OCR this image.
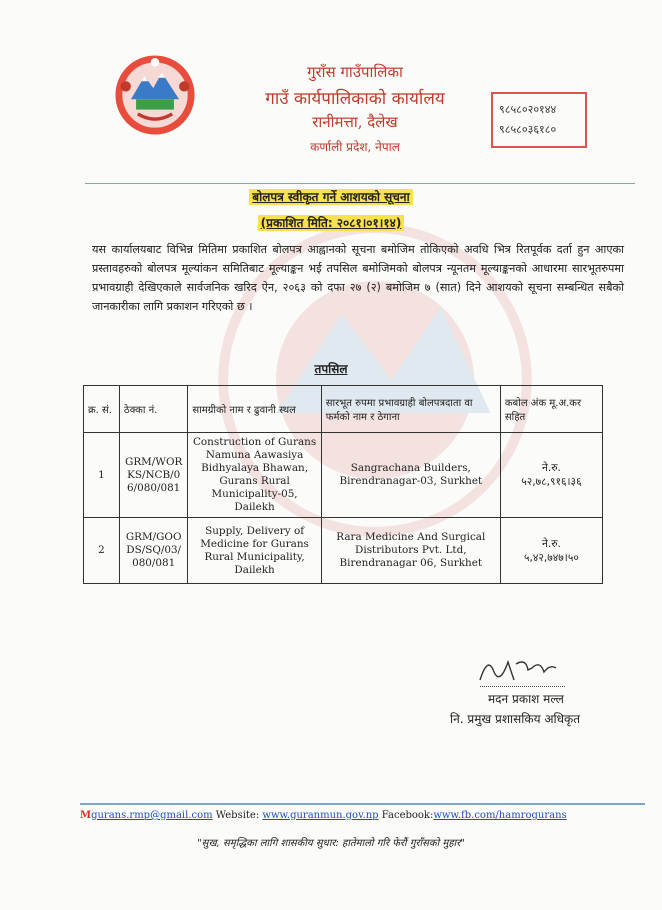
गुराँस गाउँपालिका
गाउँ कार्यपालिकाको कार्यालय
रानीमत्ता, दैलेख
कर्णाली प्रदेश, नेपाल
९८५८०२०१४४
९८५८०३६१८०
बोलपत्र स्वीकृत गर्ने आशयको सूचना
(प्रकाशित मिति: २०८१।०१।१४)
यस कार्यालयबाट विभिन्न मितिमा प्रकाशित बोलपत्र आह्वानको सूचना बमोजिम तोकिएको अवधि भित्र रितपूर्वक दर्ता हुन आएका प्रस्तावहरुको बोलपत्र मूल्यांकन समितिबाट मूल्याङ्कन भई तपसिल बमोजिमको बोलपत्र न्यूनतम मूल्याङ्कनको आधारमा सारभूतरुपमा प्रभावग्राही देखिएकाले सार्वजनिक खरिद ऐन, २०६३ को दफा २७ (२) बमोजिम ७ (सात) दिने आशयको सूचना सम्बन्धित सबैको जानकारीका लागि प्रकाशन गरिएको छ ।
तपसिल
क्र. सं.	ठेक्का नं.	सामग्रीको नाम र ढुवानी स्थल	सारभूत रुपमा प्रभावग्राही बोलपत्रदाता वा फर्मको नाम र ठेगाना	कबोल अंक मू.अ.कर सहित
1	GRM/WORKS/NCB/06/080/081	Construction of Gurans Namuna Aawasiya Bidhyalaya Bhawan, Gurans Rural Municipality-05, Dailekh	Sangrachana Builders, Birendranagar-03, Surkhet	ने.रु.
५२,७८,९१६।३६

2	GRM/GOODS/SQ/03/080/081	Supply, Delivery of Medicine for Gurans Rural Municipality, Dailekh	Rara Medicine And Surgical Distributors Pvt. Ltd, Birendranagar 06, Surkhet	ने.रु.
५,४२,७४७।५०
मदन प्रकाश मल्ल
नि. प्रमुख प्रशासकिय अधिकृत
Mgurans.rmp@gmail.com Website: www.guranmun.gov.np Facebook:www.fb.com/hamrogurans
"सुख, समृद्धिका लागि शासकीय सुधार: हातेमालो गरि फेरौं गुराँसको मुहार"
